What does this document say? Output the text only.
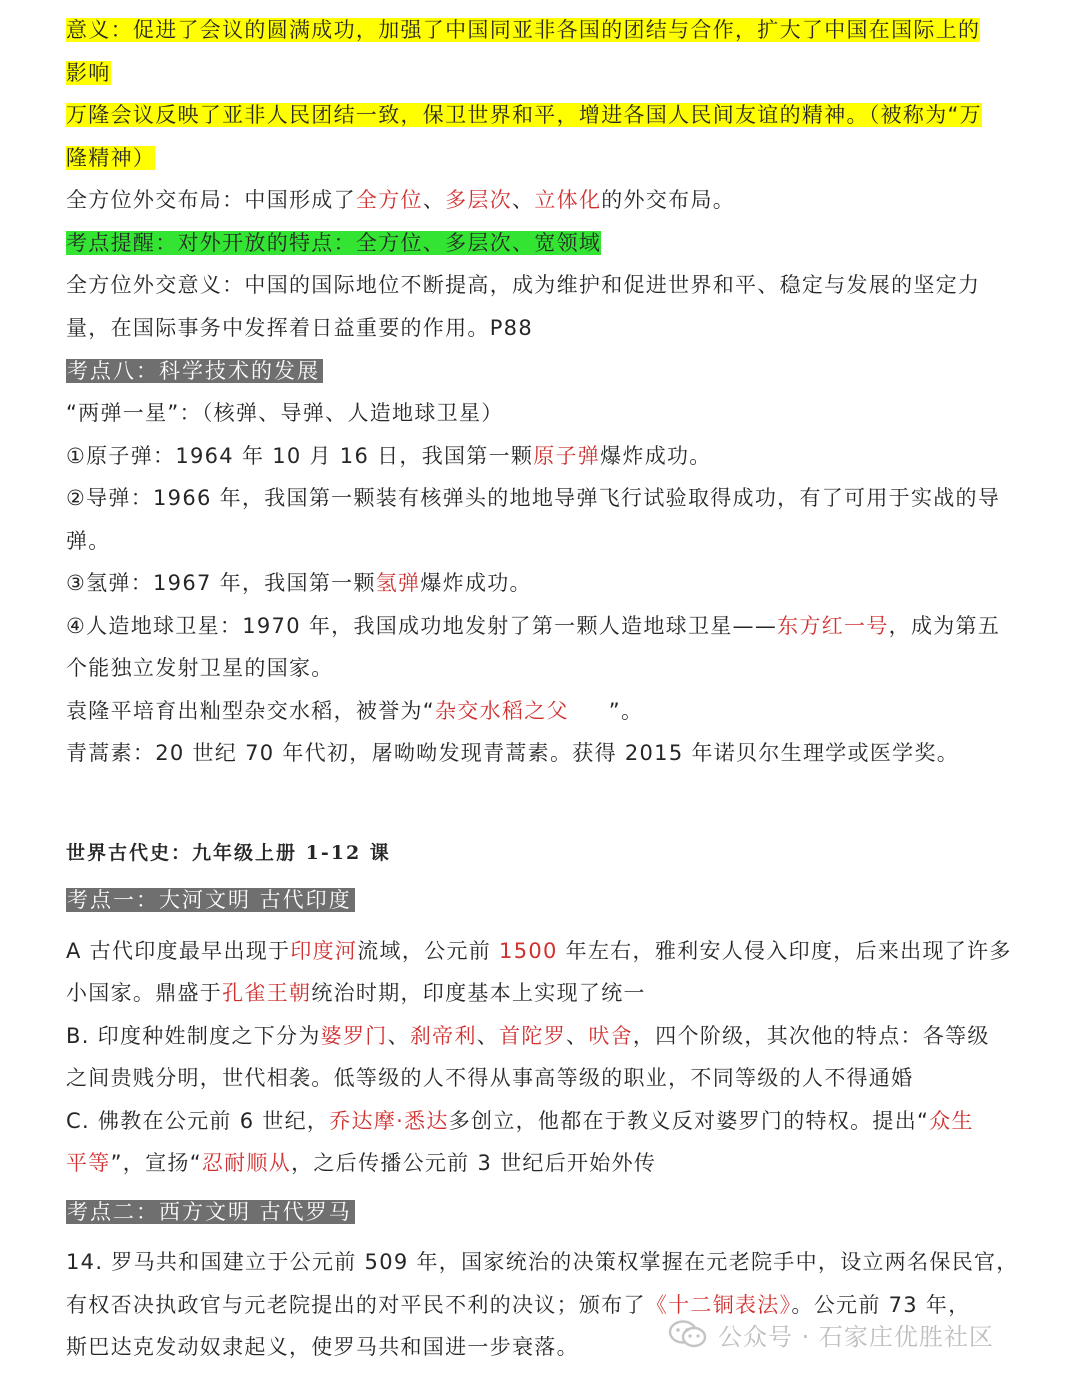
意义：促进了会议的圆满成功，加强了中国同亚非各国的团结与合作，扩大了中国在国际上的
影响
万隆会议反映了亚非人民团结一致，保卫世界和平，增进各国人民间友谊的精神。（被称为“万
隆精神）
全方位外交布局：中国形成了全方位、多层次、立体化的外交布局。
考点提醒：对外开放的特点：全方位、多层次、宽领域
全方位外交意义：中国的国际地位不断提高，成为维护和促进世界和平、稳定与发展的坚定力
量，在国际事务中发挥着日益重要的作用。P88
考点八：科学技术的发展
“两弹一星”：（核弹、导弹、人造地球卫星）
①原子弹：1964 年 10 月 16 日，我国第一颗原子弹爆炸成功。
②导弹：1966 年，我国第一颗装有核弹头的地地导弹飞行试验取得成功，有了可用于实战的导
弹。
③氢弹：1967 年，我国第一颗氢弹爆炸成功。
④人造地球卫星：1970 年，我国成功地发射了第一颗人造地球卫星——东方红一号，成为第五
个能独立发射卫星的国家。
袁隆平培育出籼型杂交水稻，被誉为“杂交水稻之父 ”。
青蒿素：20 世纪 70 年代初，屠呦呦发现青蒿素。获得 2015 年诺贝尔生理学或医学奖。
世界古代史：九年级上册 1-12 课
考点一：大河文明 古代印度
A 古代印度最早出现于印度河流域，公元前 1500 年左右，雅利安人侵入印度，后来出现了许多
小国家。鼎盛于孔雀王朝统治时期，印度基本上实现了统一
B. 印度种姓制度之下分为婆罗门、刹帝利、首陀罗、吠舍，四个阶级，其次他的特点：各等级
之间贵贱分明，世代相袭。低等级的人不得从事高等级的职业，不同等级的人不得通婚
C. 佛教在公元前 6 世纪，乔达摩·悉达多创立，他都在于教义反对婆罗门的特权。提出“众生
平等”，宣扬“忍耐顺从，之后传播公元前 3 世纪后开始外传
考点二：西方文明 古代罗马
14. 罗马共和国建立于公元前 509 年，国家统治的决策权掌握在元老院手中，设立两名保民官，
有权否决执政官与元老院提出的对平民不利的决议；颁布了《十二铜表法》。公元前 73 年，
斯巴达克发动奴隶起义，使罗马共和国进一步衰落。	公众号 · 石家庄优胜社区
